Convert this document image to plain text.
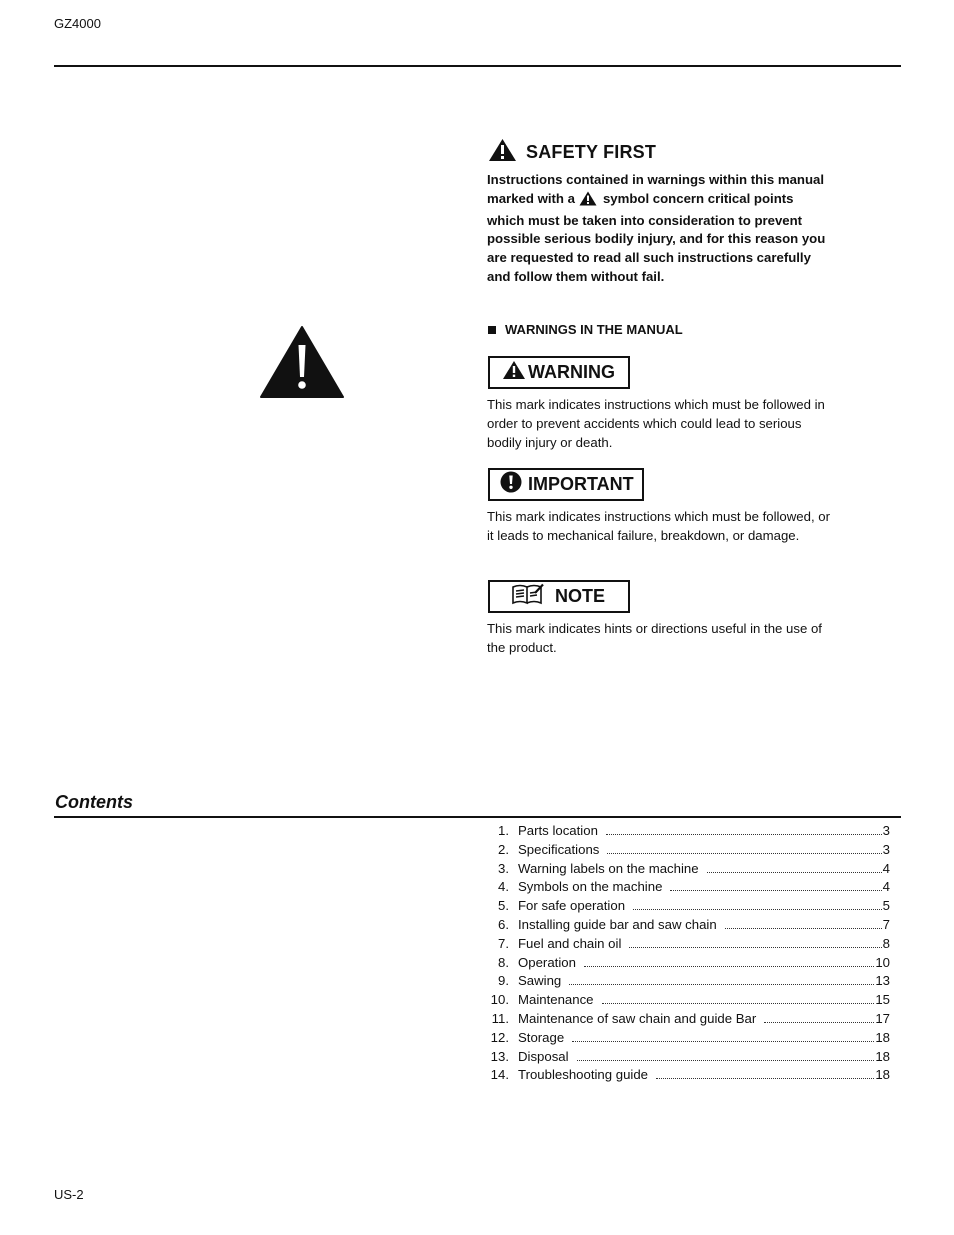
GZ4000
SAFETY FIRST
Instructions contained in warnings within this manual marked with a symbol concern critical points which must be taken into consideration to prevent possible serious bodily injury, and for this reason you are requested to read all such instructions carefully and follow them without fail.
WARNINGS IN THE MANUAL
WARNING
This mark indicates instructions which must be followed in order to prevent accidents which could lead to serious bodily injury or death.
IMPORTANT
This mark indicates instructions which must be followed, or it leads to mechanical failure, breakdown, or damage.
NOTE
This mark indicates hints or directions useful in the use of the product.
Contents
1. Parts location	3
2. Specifications	3
3. Warning labels on the machine	4
4. Symbols on the machine	4
5. For safe operation	5
6. Installing guide bar and saw chain	7
7. Fuel and chain oil	8
8. Operation	10
9. Sawing	13
10. Maintenance	15
11. Maintenance of saw chain and guide Bar	17
12. Storage	18
13. Disposal	18
14. Troubleshooting guide	18
US-2
